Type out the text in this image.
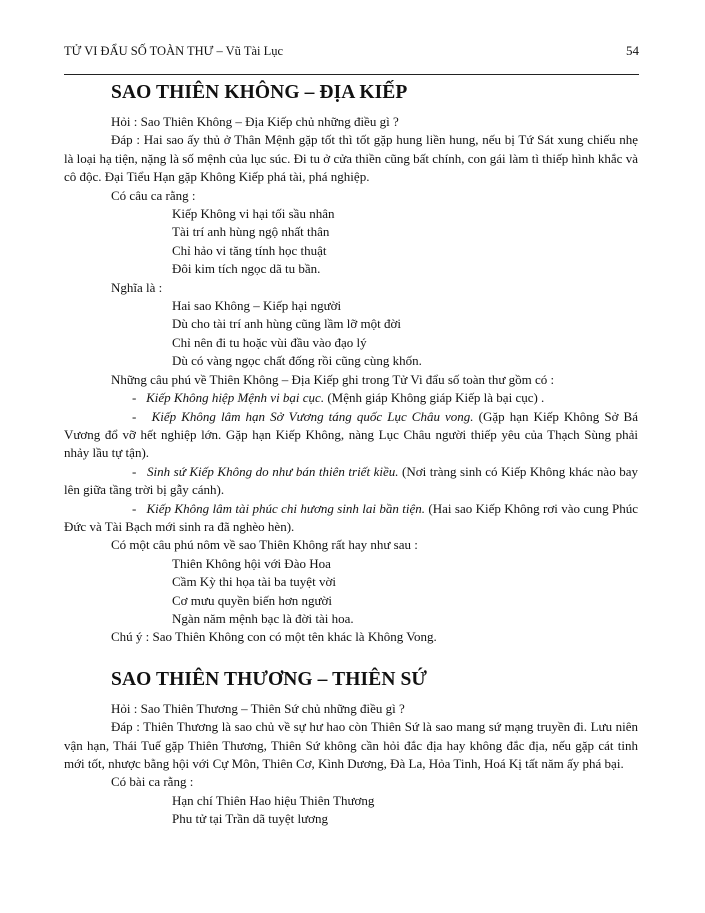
TỬ VI ĐẨU SỐ TOÀN THƯ – Vũ Tài Lục	54
SAO THIÊN KHÔNG – ĐỊA KIẾP

Hỏi : Sao Thiên Không – Địa Kiếp chủ những điều gì ?

Đáp : Hai sao ấy thủ ở Thân Mệnh gặp tốt thì tốt gặp hung liền hung, nếu bị Tứ Sát xung chiếu nhẹ là loại hạ tiện, nặng là số mệnh của lục súc. Đi tu ở cửa thiền cũng bất chính, con gái làm tì thiếp hình khắc và cô độc. Đại Tiểu Hạn gặp Không Kiếp phá tài, phá nghiệp.

Có câu ca rằng :

Kiếp Không vi hại tối sầu nhân

Tài trí anh hùng ngộ nhất thân

Chỉ hảo vi tăng tính học thuật

Đôi kim tích ngọc dã tu bần.

Nghĩa là :

Hai sao Không – Kiếp hại người

Dù cho tài trí anh hùng cũng lầm lỡ một đời

Chỉ nên đi tu hoặc vùi đầu vào đạo lý

Dù có vàng ngọc chất đống rồi cũng cùng khốn.

Những câu phú về Thiên Không – Địa Kiếp ghi trong Tử Vi đẩu số toàn thư gồm có :

- Kiếp Không hiệp Mệnh vi bại cục. (Mệnh giáp Không giáp Kiếp là bại cục) .

- Kiếp Không lâm hạn Sở Vương táng quốc Lục Châu vong. (Gặp hạn Kiếp Không Sở Bá Vương đổ vỡ hết nghiệp lớn. Gặp hạn Kiếp Không, nàng Lục Châu người thiếp yêu của Thạch Sùng phải nhảy lầu tự tận).

- Sinh sứ Kiếp Không do như bán thiên triết kiều. (Nơi tràng sinh có Kiếp Không khác nào bay lên giữa tầng trời bị gẫy cánh).

- Kiếp Không lâm tài phúc chi hương sinh lai bần tiện. (Hai sao Kiếp Không rơi vào cung Phúc Đức và Tài Bạch mới sinh ra đã nghèo hèn).

Có một câu phú nôm về sao Thiên Không rất hay như sau :

Thiên Không hội với Đào Hoa

Cầm Kỳ thi họa tài ba tuyệt vời

Cơ mưu quyền biến hơn người

Ngàn năm mệnh bạc là đời tài hoa.

Chú ý : Sao Thiên Không con có một tên khác là Không Vong.

SAO THIÊN THƯƠNG – THIÊN SỨ

Hỏi : Sao Thiên Thương – Thiên Sứ chủ những điều gì ?

Đáp : Thiên Thương là sao chủ về sự hư hao còn Thiên Sứ là sao mang sứ mạng truyền đi. Lưu niên vận hạn, Thái Tuế gặp Thiên Thương, Thiên Sứ không cần hỏi đắc địa hay không đắc địa, nếu gặp cát tinh mới tốt, nhược bằng hội với Cự Môn, Thiên Cơ, Kình Dương, Đà La, Hỏa Tinh, Hoá Kị tất năm ấy phá bại.

Có bài ca rằng :

Hạn chí Thiên Hao hiệu Thiên Thương

Phu tử tại Trần dã tuyệt lương
